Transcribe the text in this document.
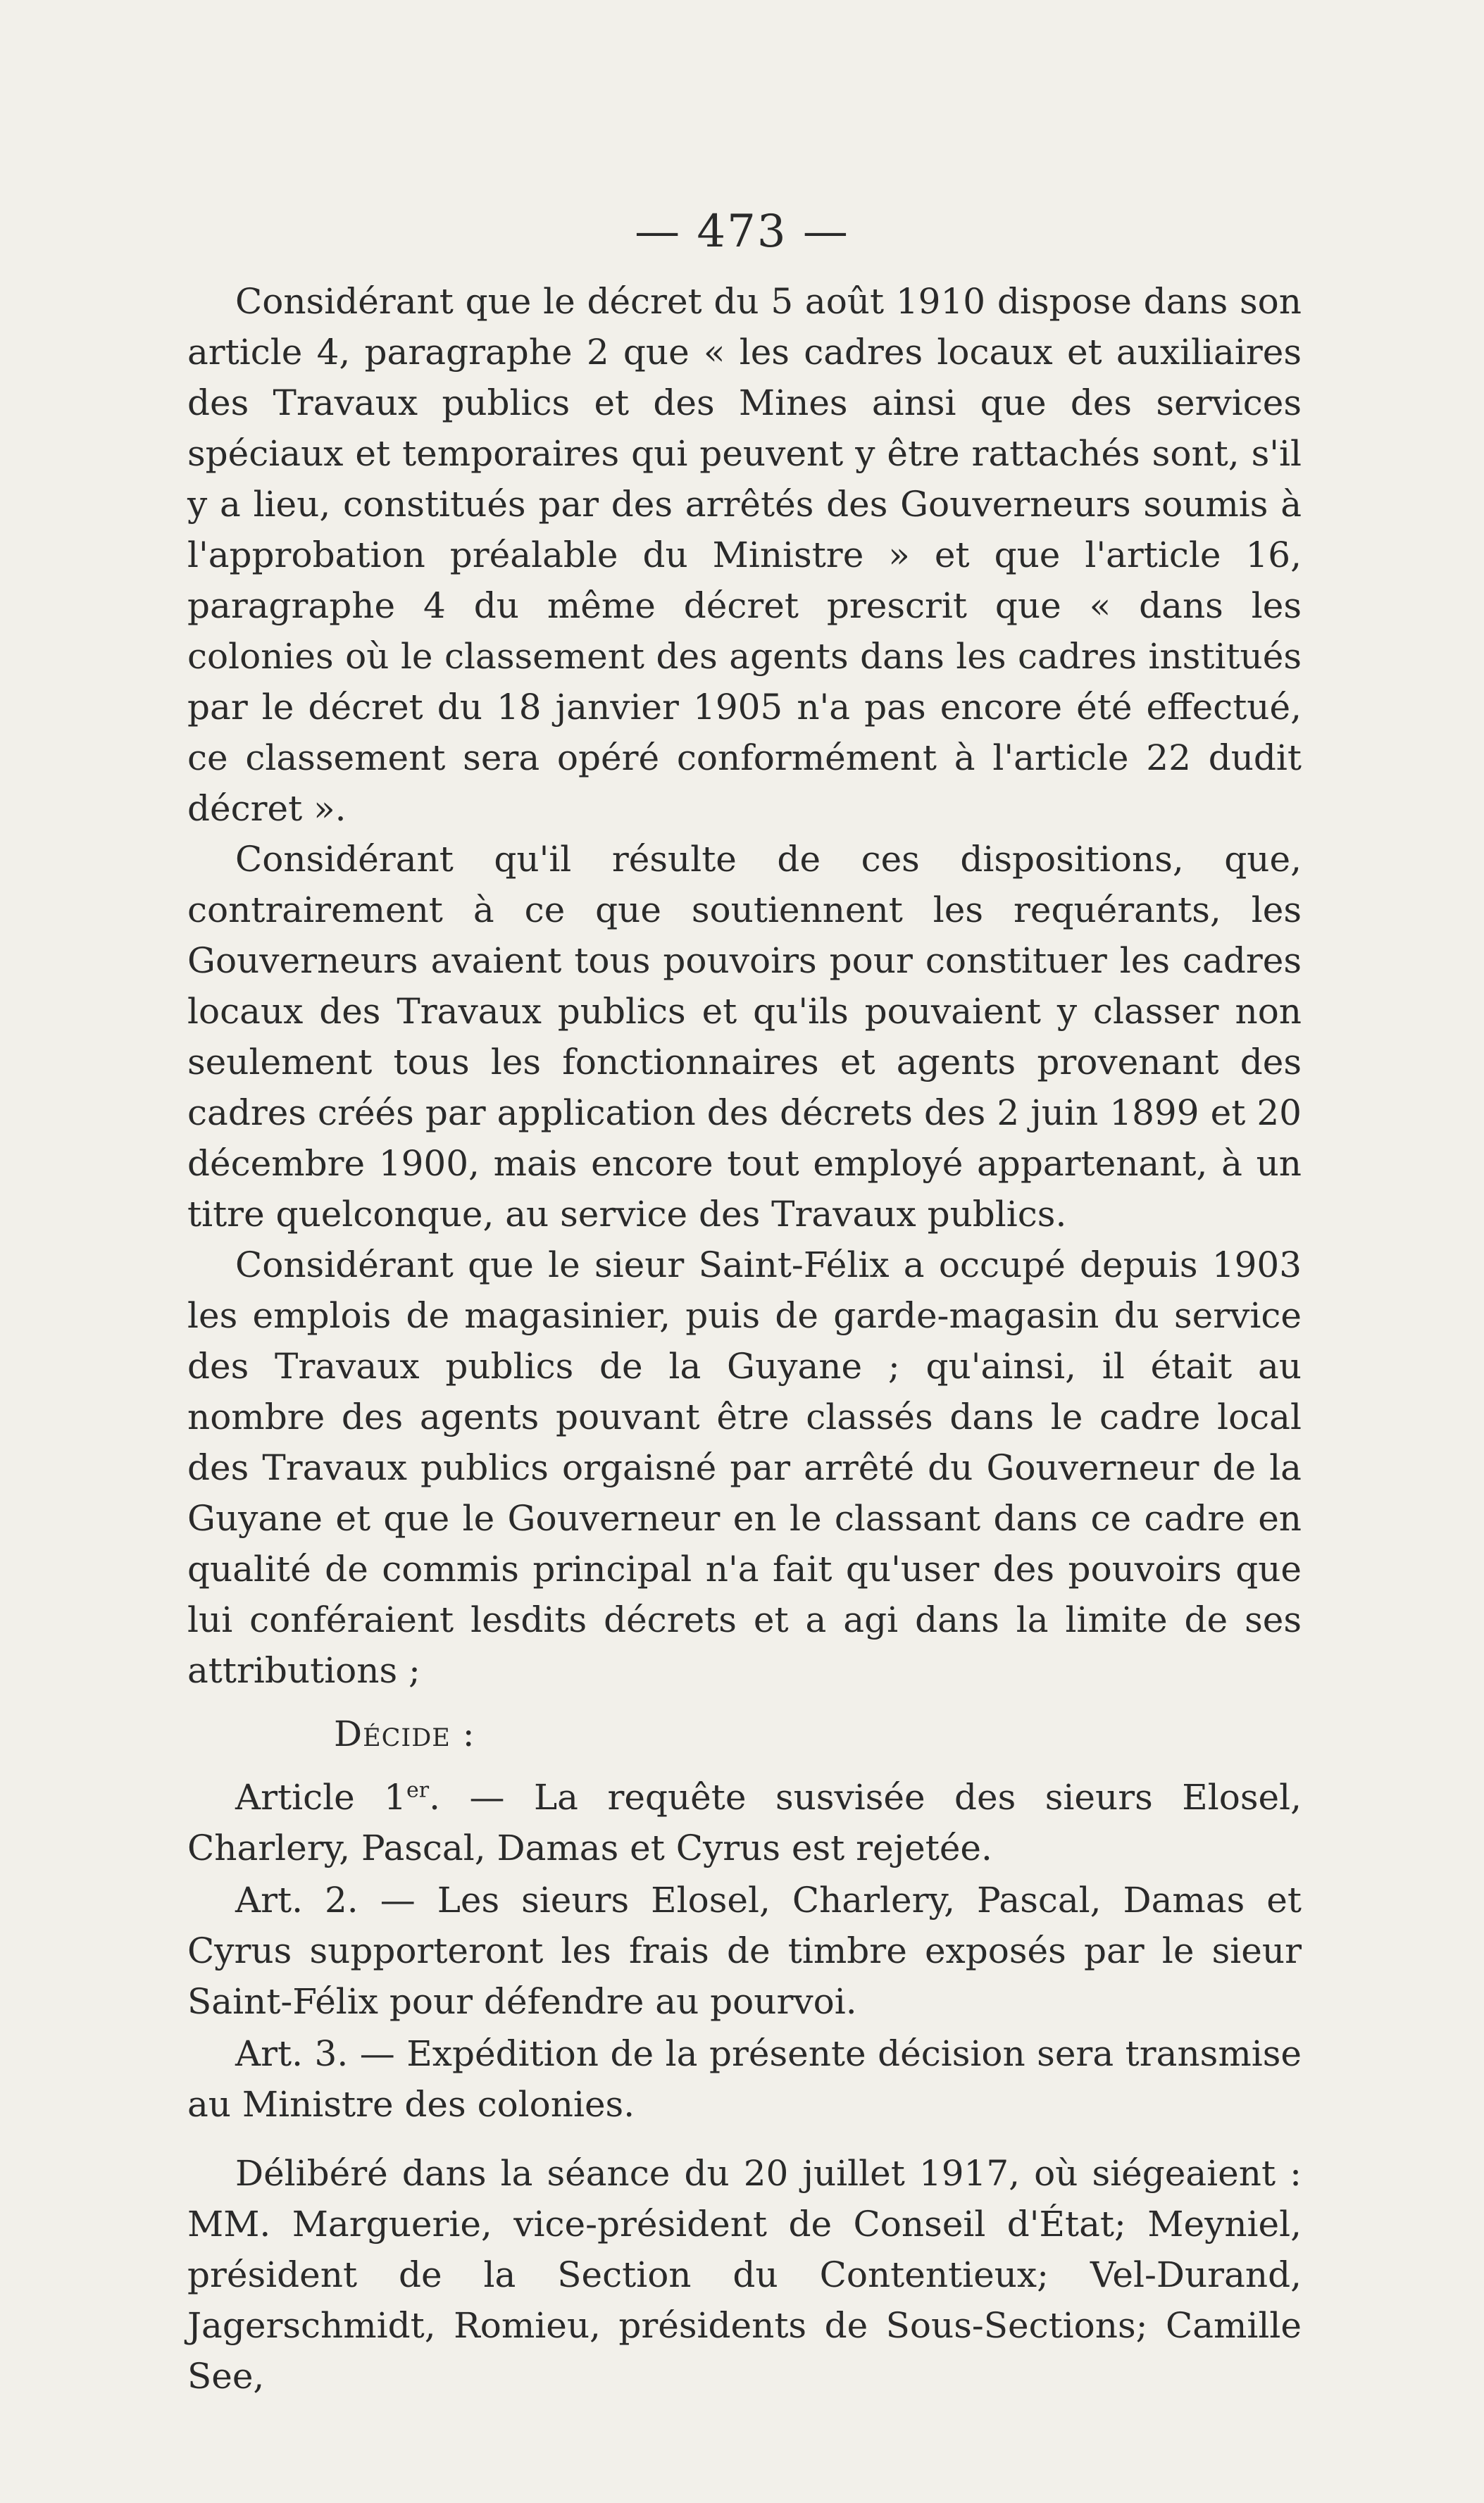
— 473 —

Considérant que le décret du 5 août 1910 dispose dans son article 4, paragraphe 2 que « les cadres locaux et auxiliaires des Travaux publics et des Mines ainsi que des services spéciaux et temporaires qui peuvent y être rattachés sont, s'il y a lieu, constitués par des arrêtés des Gouverneurs soumis à l'approbation préalable du Ministre » et que l'article 16, paragraphe 4 du même décret prescrit que « dans les colonies où le classement des agents dans les cadres institués par le décret du 18 janvier 1905 n'a pas encore été effectué, ce classement sera opéré conformément à l'article 22 dudit décret ».

Considérant qu'il résulte de ces dispositions, que, contrairement à ce que soutiennent les requérants, les Gouverneurs avaient tous pouvoirs pour constituer les cadres locaux des Travaux publics et qu'ils pouvaient y classer non seulement tous les fonctionnaires et agents provenant des cadres créés par application des décrets des 2 juin 1899 et 20 décembre 1900, mais encore tout employé appartenant, à un titre quelconque, au service des Travaux publics.

Considérant que le sieur Saint-Félix a occupé depuis 1903 les emplois de magasinier, puis de garde-magasin du service des Travaux publics de la Guyane ; qu'ainsi, il était au nombre des agents pouvant être classés dans le cadre local des Travaux publics orgaisné par arrêté du Gouverneur de la Guyane et que le Gouverneur en le classant dans ce cadre en qualité de commis principal n'a fait qu'user des pouvoirs que lui conféraient lesdits décrets et a agi dans la limite de ses attributions ;

Décide :

Article 1er. — La requête susvisée des sieurs Elosel, Charlery, Pascal, Damas et Cyrus est rejetée.

Art. 2. — Les sieurs Elosel, Charlery, Pascal, Damas et Cyrus supporteront les frais de timbre exposés par le sieur Saint-Félix pour défendre au pourvoi.

Art. 3. — Expédition de la présente décision sera transmise au Ministre des colonies.

Délibéré dans la séance du 20 juillet 1917, où siégeaient : MM. Marguerie, vice-président de Conseil d'État; Meyniel, président de la Section du Contentieux; Vel-Durand, Jagerschmidt, Romieu, présidents de Sous-Sections; Camille See,
